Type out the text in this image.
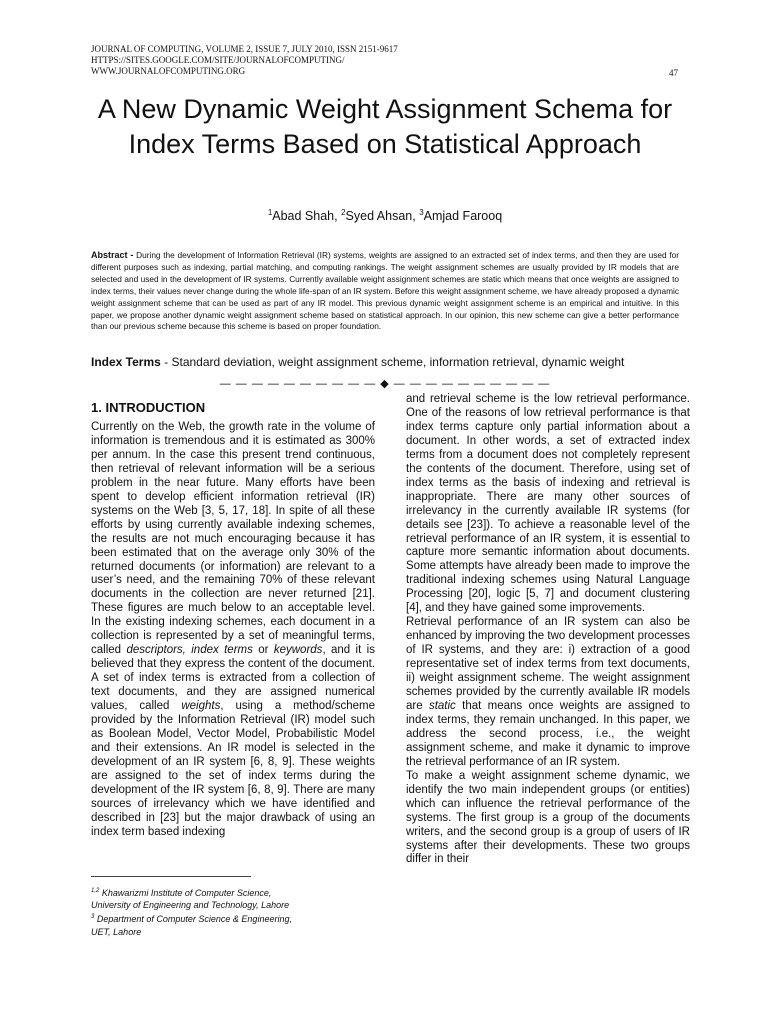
JOURNAL OF COMPUTING, VOLUME 2, ISSUE 7, JULY 2010, ISSN 2151-9617
HTTPS://SITES.GOOGLE.COM/SITE/JOURNALOFCOMPUTING/
WWW.JOURNALOFCOMPUTING.ORG	47
A New Dynamic Weight Assignment Schema for Index Terms Based on Statistical Approach
$^1$Abad Shah, $^2$Syed Ahsan, $^3$Amjad Farooq
Abstract - During the development of Information Retrieval (IR) systems, weights are assigned to an extracted set of index terms, and then they are used for different purposes such as indexing, partial matching, and computing rankings. The weight assignment schemes are usually provided by IR models that are selected and used in the development of IR systems. Currently available weight assignment schemes are static which means that once weights are assigned to index terms, their values never change during the whole life-span of an IR system. Before this weight assignment scheme, we have already proposed a dynamic weight assignment scheme that can be used as part of any IR model. This previous dynamic weight assignment scheme is an empirical and intuitive. In this paper, we propose another dynamic weight assignment scheme based on statistical approach. In our opinion, this new scheme can give a better performance than our previous scheme because this scheme is based on proper foundation.
Index Terms - Standard deviation, weight assignment scheme, information retrieval, dynamic weight
— — — — — — — — — — ◆ — — — — — — — — — —
1. INTRODUCTION

Currently on the Web, the growth rate in the volume of information is tremendous and it is estimated as 300% per annum. In the case this present trend continuous, then retrieval of relevant information will be a serious problem in the near future. Many efforts have been spent to develop efficient information retrieval (IR) systems on the Web [3, 5, 17, 18]. In spite of all these efforts by using currently available indexing schemes, the results are not much encouraging because it has been estimated that on the average only 30% of the returned documents (or information) are relevant to a user’s need, and the remaining 70% of these relevant documents in the collection are never returned [21]. These figures are much below to an acceptable level. In the existing indexing schemes, each document in a collection is represented by a set of meaningful terms, called descriptors, index terms or keywords, and it is believed that they express the content of the document. A set of index terms is extracted from a collection of text documents, and they are assigned numerical values, called weights, using a method/scheme provided by the Information Retrieval (IR) model such as Boolean Model, Vector Model, Probabilistic Model and their extensions. An IR model is selected in the development of an IR system [6, 8, 9]. These weights are assigned to the set of index terms during the development of the IR system [6, 8, 9]. There are many sources of irrelevancy which we have identified and described in [23] but the major drawback of using an index term based indexing

and retrieval scheme is the low retrieval performance. One of the reasons of low retrieval performance is that index terms capture only partial information about a document. In other words, a set of extracted index terms from a document does not completely represent the contents of the document. Therefore, using set of index terms as the basis of indexing and retrieval is inappropriate. There are many other sources of irrelevancy in the currently available IR systems (for details see [23]). To achieve a reasonable level of the retrieval performance of an IR system, it is essential to capture more semantic information about documents. Some attempts have already been made to improve the traditional indexing schemes using Natural Language Processing [20], logic [5, 7] and document clustering [4], and they have gained some improvements.

Retrieval performance of an IR system can also be enhanced by improving the two development processes of IR systems, and they are: i) extraction of a good representative set of index terms from text documents, ii) weight assignment scheme. The weight assignment schemes provided by the currently available IR models are static that means once weights are assigned to index terms, they remain unchanged. In this paper, we address the second process, i.e., the weight assignment scheme, and make it dynamic to improve the retrieval performance of an IR system.

To make a weight assignment scheme dynamic, we identify the two main independent groups (or entities) which can influence the retrieval performance of the systems. The first group is a group of the documents writers, and the second group is a group of users of IR systems after their developments. These two groups differ in their

$^{1,2}$ Khawarizmi Institute of Computer Science,
University of Engineering and Technology, Lahore
$^3$ Department of Computer Science & Engineering,
UET, Lahore
